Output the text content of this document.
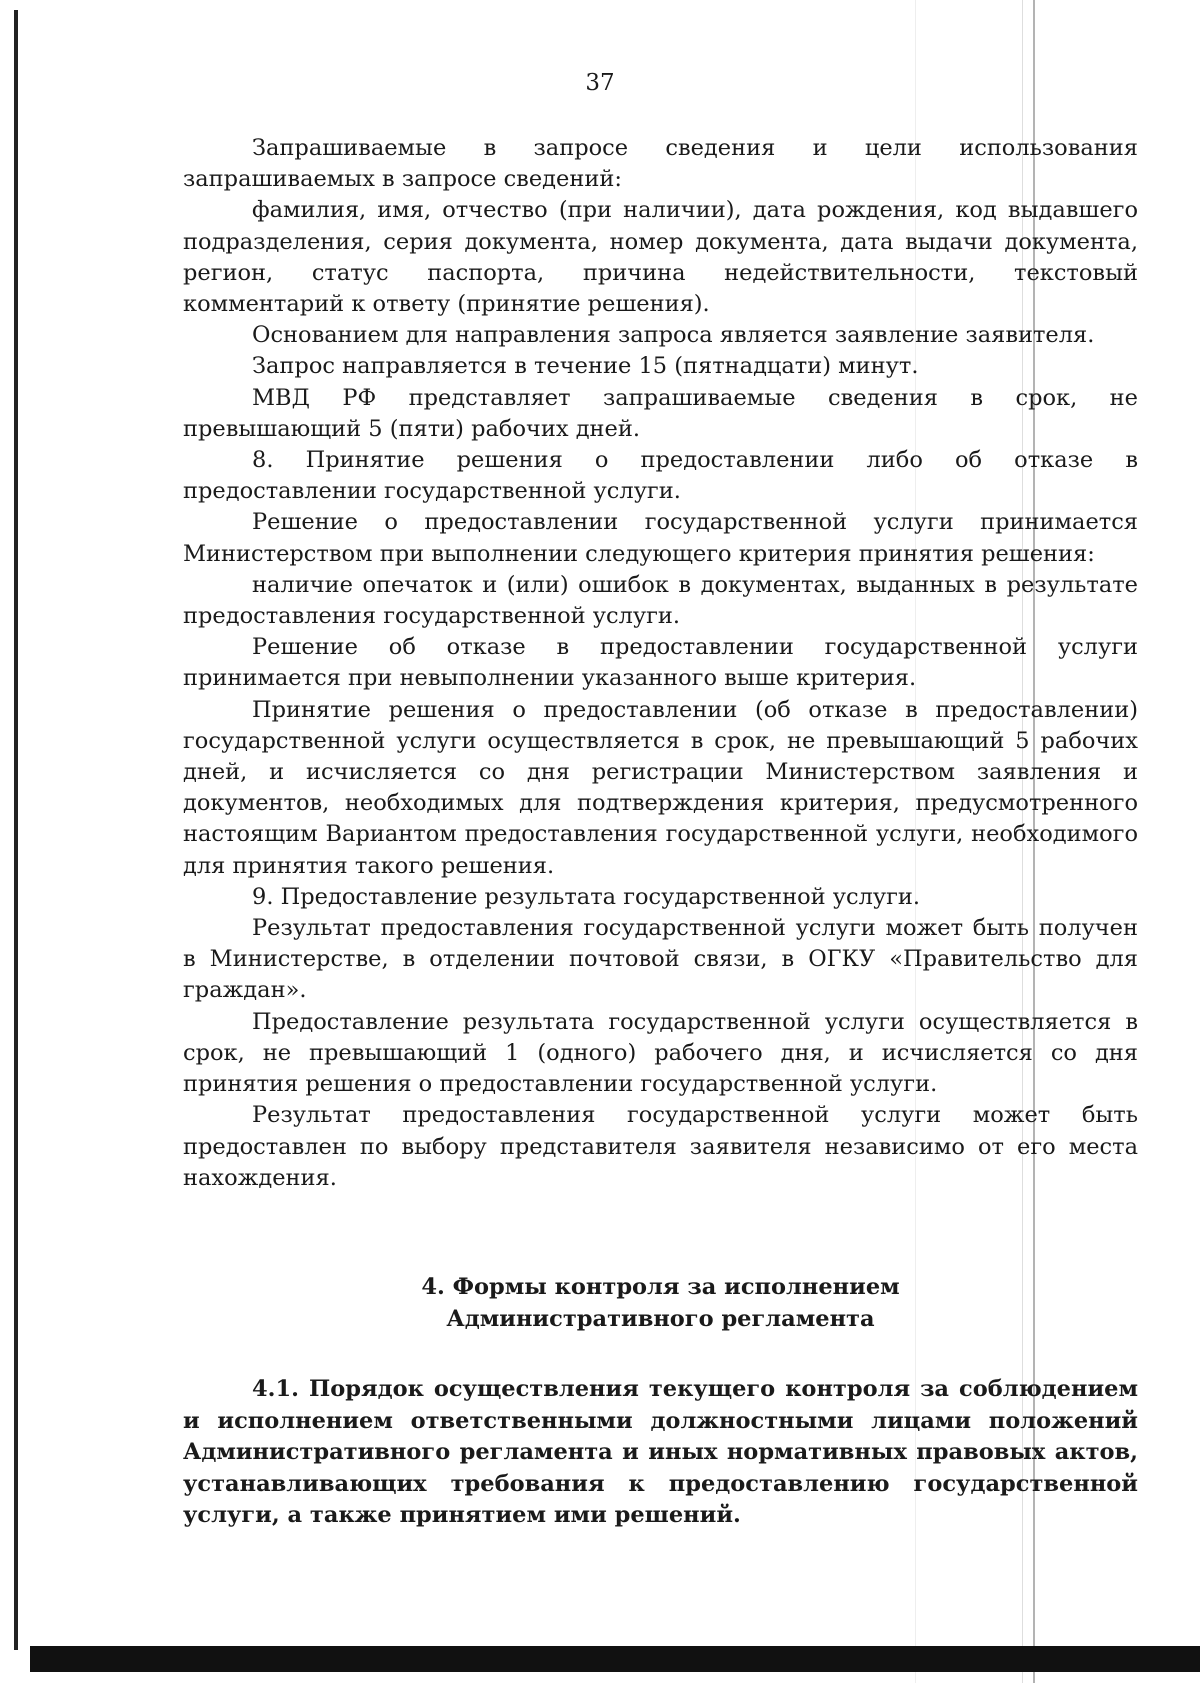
37

Запрашиваемые в запросе сведения и цели использования запрашиваемых в запросе сведений:

фамилия, имя, отчество (при наличии), дата рождения, код выдавшего подразделения, серия документа, номер документа, дата выдачи документа, регион, статус паспорта, причина недействительности, текстовый комментарий к ответу (принятие решения).

Основанием для направления запроса является заявление заявителя.

Запрос направляется в течение 15 (пятнадцати) минут.

МВД РФ представляет запрашиваемые сведения в срок, не превышающий 5 (пяти) рабочих дней.

8. Принятие решения о предоставлении либо об отказе в предоставлении государственной услуги.

Решение о предоставлении государственной услуги принимается Министерством при выполнении следующего критерия принятия решения:

наличие опечаток и (или) ошибок в документах, выданных в результате предоставления государственной услуги.

Решение об отказе в предоставлении государственной услуги принимается при невыполнении указанного выше критерия.

Принятие решения о предоставлении (об отказе в предоставлении) государственной услуги осуществляется в срок, не превышающий 5 рабочих дней, и исчисляется со дня регистрации Министерством заявления и документов, необходимых для подтверждения критерия, предусмотренного настоящим Вариантом предоставления государственной услуги, необходимого для принятия такого решения.

9. Предоставление результата государственной услуги.

Результат предоставления государственной услуги может быть получен в Министерстве, в отделении почтовой связи, в ОГКУ «Правительство для граждан».

Предоставление результата государственной услуги осуществляется в срок, не превышающий 1 (одного) рабочего дня, и исчисляется со дня принятия решения о предоставлении государственной услуги.

Результат предоставления государственной услуги может быть предоставлен по выбору представителя заявителя независимо от его места нахождения.

4. Формы контроля за исполнением
Административного регламента

4.1. Порядок осуществления текущего контроля за соблюдением и исполнением ответственными должностными лицами положений Административного регламента и иных нормативных правовых актов, устанавливающих требования к предоставлению государственной услуги, а также принятием ими решений.
